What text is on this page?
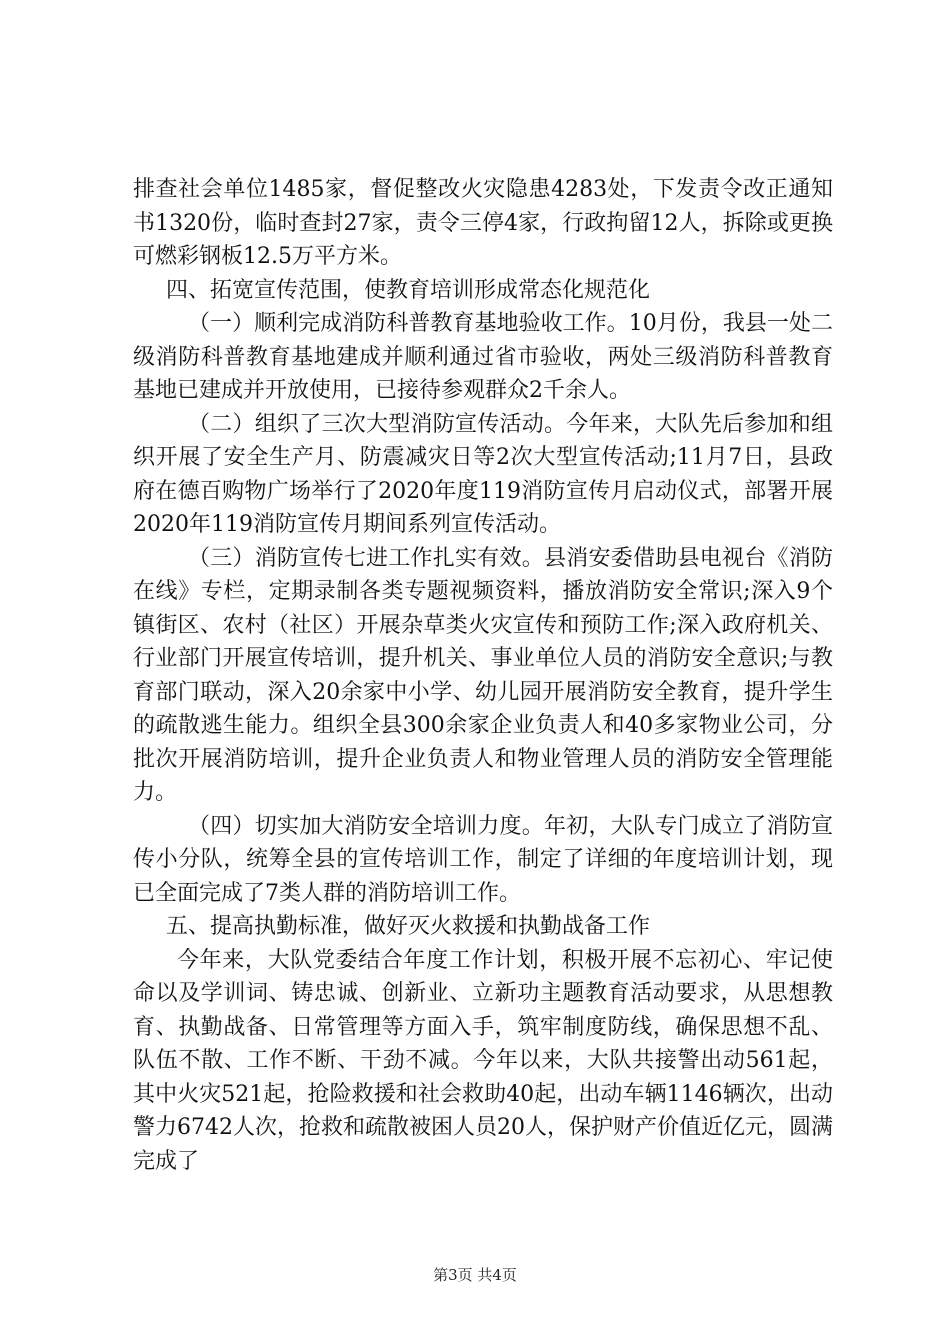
排查社会单位1485家，督促整改火灾隐患4283处，下发责令改正通知书1320份，临时查封27家，责令三停4家，行政拘留12人，拆除或更换可燃彩钢板12.5万平方米。

四、拓宽宣传范围，使教育培训形成常态化规范化

（一）顺利完成消防科普教育基地验收工作。10月份，我县一处二级消防科普教育基地建成并顺利通过省市验收，两处三级消防科普教育基地已建成并开放使用，已接待参观群众2千余人。

（二）组织了三次大型消防宣传活动。今年来，大队先后参加和组织开展了安全生产月、防震减灾日等2次大型宣传活动;11月7日，县政府在德百购物广场举行了2020年度119消防宣传月启动仪式，部署开展2020年119消防宣传月期间系列宣传活动。

（三）消防宣传七进工作扎实有效。县消安委借助县电视台《消防在线》专栏，定期录制各类专题视频资料，播放消防安全常识;深入9个镇街区、农村（社区）开展杂草类火灾宣传和预防工作;深入政府机关、行业部门开展宣传培训，提升机关、事业单位人员的消防安全意识;与教育部门联动，深入20余家中小学、幼儿园开展消防安全教育，提升学生的疏散逃生能力。组织全县300余家企业负责人和40多家物业公司，分批次开展消防培训，提升企业负责人和物业管理人员的消防安全管理能力。

（四）切实加大消防安全培训力度。年初，大队专门成立了消防宣传小分队，统筹全县的宣传培训工作，制定了详细的年度培训计划，现已全面完成了7类人群的消防培训工作。

五、提高执勤标准，做好灭火救援和执勤战备工作

今年来，大队党委结合年度工作计划，积极开展不忘初心、牢记使命以及学训词、铸忠诚、创新业、立新功主题教育活动要求，从思想教育、执勤战备、日常管理等方面入手，筑牢制度防线，确保思想不乱、队伍不散、工作不断、干劲不减。今年以来，大队共接警出动561起，其中火灾521起，抢险救援和社会救助40起，出动车辆1146辆次，出动警力6742人次，抢救和疏散被困人员20人，保护财产价值近亿元，圆满完成了

第3页 共4页
